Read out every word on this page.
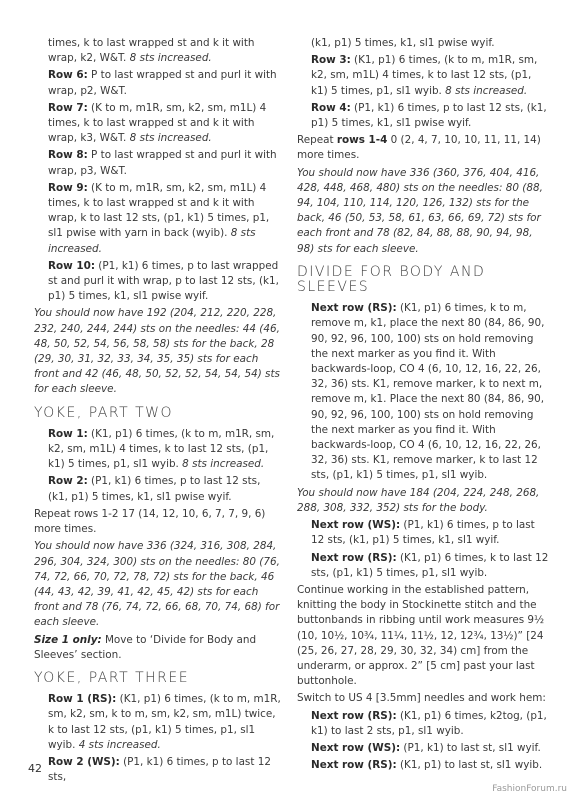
times, k to last wrapped st and k it with wrap, k2, W&T. 8 sts increased.

Row 6: P to last wrapped st and purl it with wrap, p2, W&T.

Row 7: (K to m, m1R, sm, k2, sm, m1L) 4 times, k to last wrapped st and k it with wrap, k3, W&T. 8 sts increased.

Row 8: P to last wrapped st and purl it with wrap, p3, W&T.

Row 9: (K to m, m1R, sm, k2, sm, m1L) 4 times, k to last wrapped st and k it with wrap, k to last 12 sts, (p1, k1) 5 times, p1, sl1 pwise with yarn in back (wyib). 8 sts increased.

Row 10: (P1, k1) 6 times, p to last wrapped st and purl it with wrap, p to last 12 sts, (k1, p1) 5 times, k1, sl1 pwise wyif.

You should now have 192 (204, 212, 220, 228, 232, 240, 244, 244) sts on the needles: 44 (46, 48, 50, 52, 54, 56, 58, 58) sts for the back, 28 (29, 30, 31, 32, 33, 34, 35, 35) sts for each front and 42 (46, 48, 50, 52, 52, 54, 54, 54) sts for each sleeve.

YOKE, PART TWO

Row 1: (K1, p1) 6 times, (k to m, m1R, sm, k2, sm, m1L) 4 times, k to last 12 sts, (p1, k1) 5 times, p1, sl1 wyib. 8 sts increased.

Row 2: (P1, k1) 6 times, p to last 12 sts, (k1, p1) 5 times, k1, sl1 pwise wyif.

Repeat rows 1-2 17 (14, 12, 10, 6, 7, 7, 9, 6) more times.

You should now have 336 (324, 316, 308, 284, 296, 304, 324, 300) sts on the needles: 80 (76, 74, 72, 66, 70, 72, 78, 72) sts for the back, 46 (44, 43, 42, 39, 41, 42, 45, 42) sts for each front and 78 (76, 74, 72, 66, 68, 70, 74, 68) for each sleeve.

Size 1 only: Move to ‘Divide for Body and Sleeves’ section.

YOKE, PART THREE

Row 1 (RS): (K1, p1) 6 times, (k to m, m1R, sm, k2, sm, k to m, sm, k2, sm, m1L) twice, k to last 12 sts, (p1, k1) 5 times, p1, sl1 wyib. 4 sts increased.

Row 2 (WS): (P1, k1) 6 times, p to last 12 sts,

(k1, p1) 5 times, k1, sl1 pwise wyif.

Row 3: (K1, p1) 6 times, (k to m, m1R, sm, k2, sm, m1L) 4 times, k to last 12 sts, (p1, k1) 5 times, p1, sl1 wyib. 8 sts increased.

Row 4: (P1, k1) 6 times, p to last 12 sts, (k1, p1) 5 times, k1, sl1 pwise wyif.

Repeat rows 1-4 0 (2, 4, 7, 10, 10, 11, 11, 14) more times.

You should now have 336 (360, 376, 404, 416, 428, 448, 468, 480) sts on the needles: 80 (88, 94, 104, 110, 114, 120, 126, 132) sts for the back, 46 (50, 53, 58, 61, 63, 66, 69, 72) sts for each front and 78 (82, 84, 88, 88, 90, 94, 98, 98) sts for each sleeve.

DIVIDE FOR BODY AND SLEEVES

Next row (RS): (K1, p1) 6 times, k to m, remove m, k1, place the next 80 (84, 86, 90, 90, 92, 96, 100, 100) sts on hold removing the next marker as you find it. With backwards-loop, CO 4 (6, 10, 12, 16, 22, 26, 32, 36) sts. K1, remove marker, k to next m, remove m, k1. Place the next 80 (84, 86, 90, 90, 92, 96, 100, 100) sts on hold removing the next marker as you find it. With backwards-loop, CO 4 (6, 10, 12, 16, 22, 26, 32, 36) sts. K1, remove marker, k to last 12 sts, (p1, k1) 5 times, p1, sl1 wyib.

You should now have 184 (204, 224, 248, 268, 288, 308, 332, 352) sts for the body.

Next row (WS): (P1, k1) 6 times, p to last 12 sts, (k1, p1) 5 times, k1, sl1 wyif.

Next row (RS): (K1, p1) 6 times, k to last 12 sts, (p1, k1) 5 times, p1, sl1 wyib.

Continue working in the established pattern, knitting the body in Stockinette stitch and the buttonbands in ribbing until work measures 9½ (10, 10½, 10¾, 11¼, 11½, 12, 12¾, 13½)” [24 (25, 26, 27, 28, 29, 30, 32, 34) cm] from the underarm, or approx. 2” [5 cm] past your last buttonhole.

Switch to US 4 [3.5mm] needles and work hem:

Next row (RS): (K1, p1) 6 times, k2tog, (p1, k1) to last 2 sts, p1, sl1 wyib.

Next row (WS): (P1, k1) to last st, sl1 wyif.

Next row (RS): (K1, p1) to last st, sl1 wyib.

42
FashionForum.ru
